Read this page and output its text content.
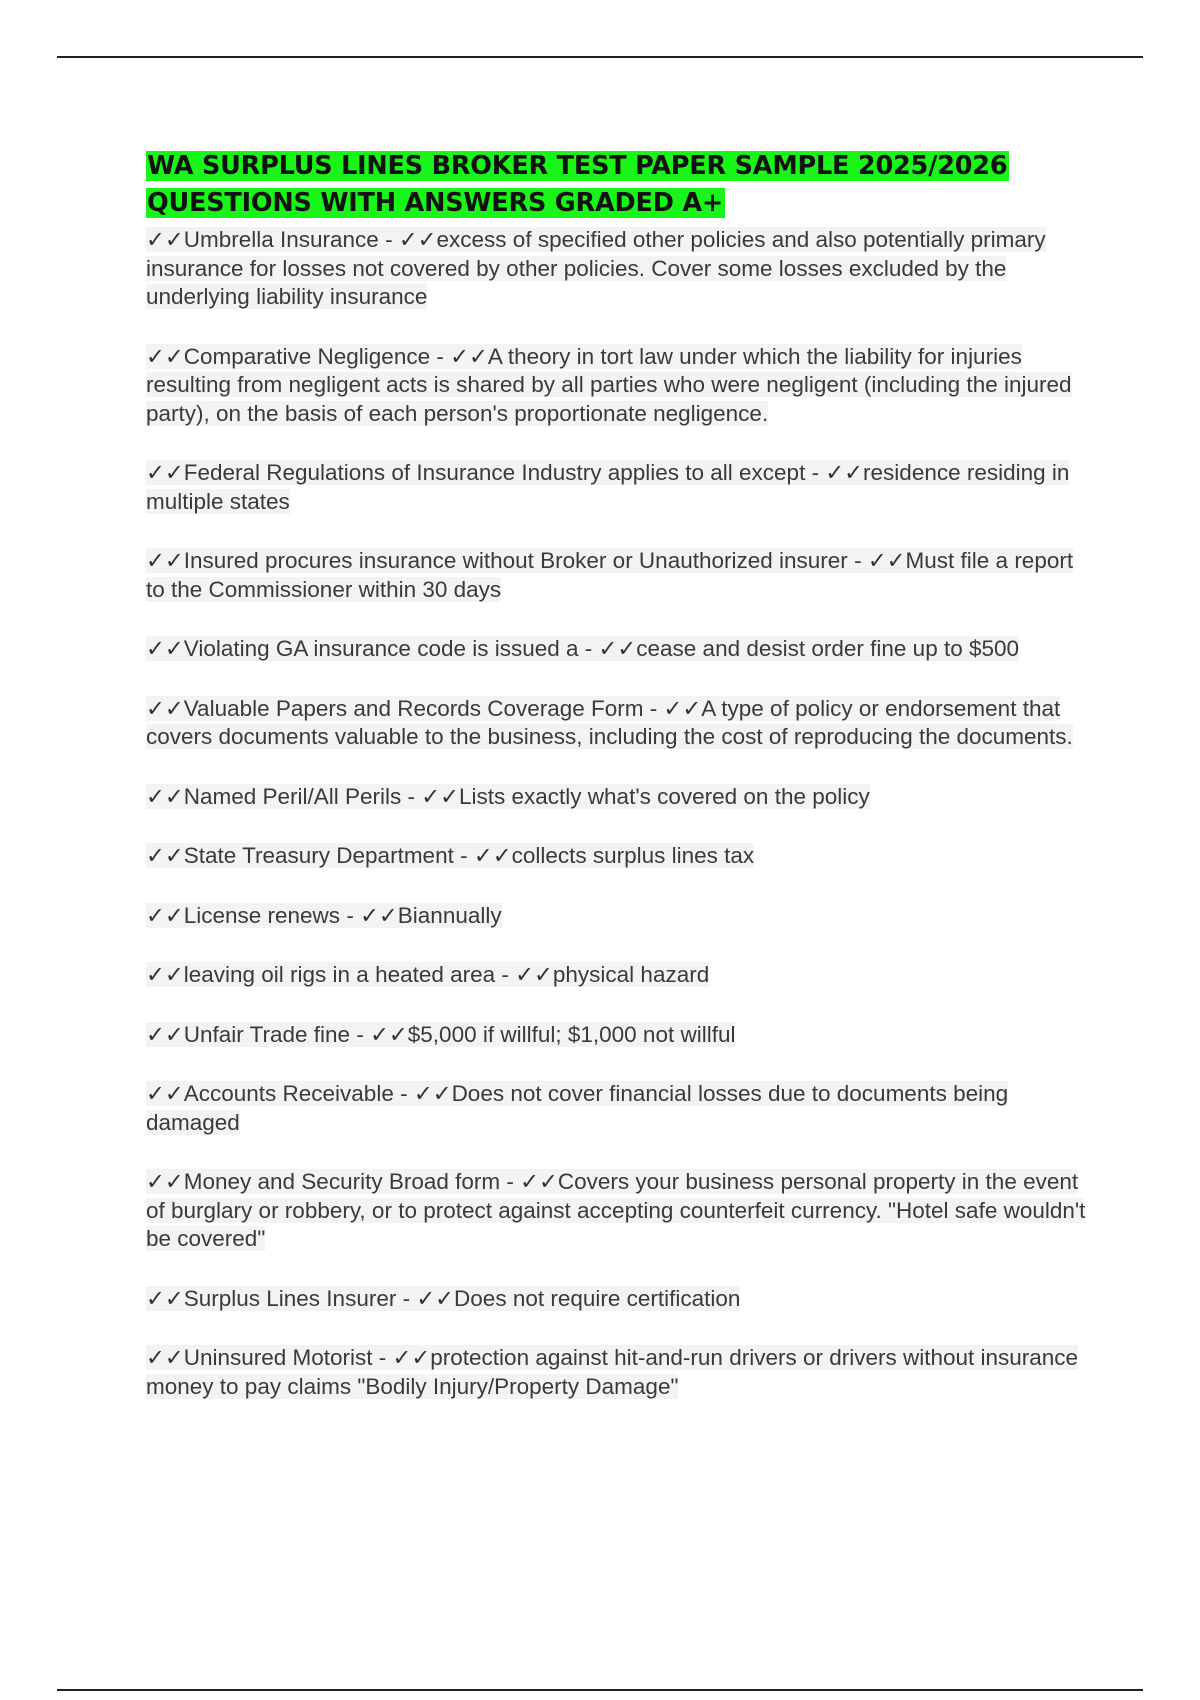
WA SURPLUS LINES BROKER TEST PAPER SAMPLE 2025/2026
QUESTIONS WITH ANSWERS GRADED A+
✓✓Umbrella Insurance - ✓✓excess of specified other policies and also potentially primary insurance for losses not covered by other policies. Cover some losses excluded by the underlying liability insurance
✓✓Comparative Negligence - ✓✓A theory in tort law under which the liability for injuries resulting from negligent acts is shared by all parties who were negligent (including the injured party), on the basis of each person's proportionate negligence.
✓✓Federal Regulations of Insurance Industry applies to all except - ✓✓residence residing in multiple states
✓✓Insured procures insurance without Broker or Unauthorized insurer - ✓✓Must file a report to the Commissioner within 30 days
✓✓Violating GA insurance code is issued a - ✓✓cease and desist order fine up to $500
✓✓Valuable Papers and Records Coverage Form - ✓✓A type of policy or endorsement that covers documents valuable to the business, including the cost of reproducing the documents.
✓✓Named Peril/All Perils - ✓✓Lists exactly what's covered on the policy
✓✓State Treasury Department - ✓✓collects surplus lines tax
✓✓License renews - ✓✓Biannually
✓✓leaving oil rigs in a heated area - ✓✓physical hazard
✓✓Unfair Trade fine - ✓✓$5,000 if willful; $1,000 not willful
✓✓Accounts Receivable - ✓✓Does not cover financial losses due to documents being damaged
✓✓Money and Security Broad form - ✓✓Covers your business personal property in the event of burglary or robbery, or to protect against accepting counterfeit currency. "Hotel safe wouldn't be covered"
✓✓Surplus Lines Insurer - ✓✓Does not require certification
✓✓Uninsured Motorist - ✓✓protection against hit-and-run drivers or drivers without insurance money to pay claims "Bodily Injury/Property Damage"
